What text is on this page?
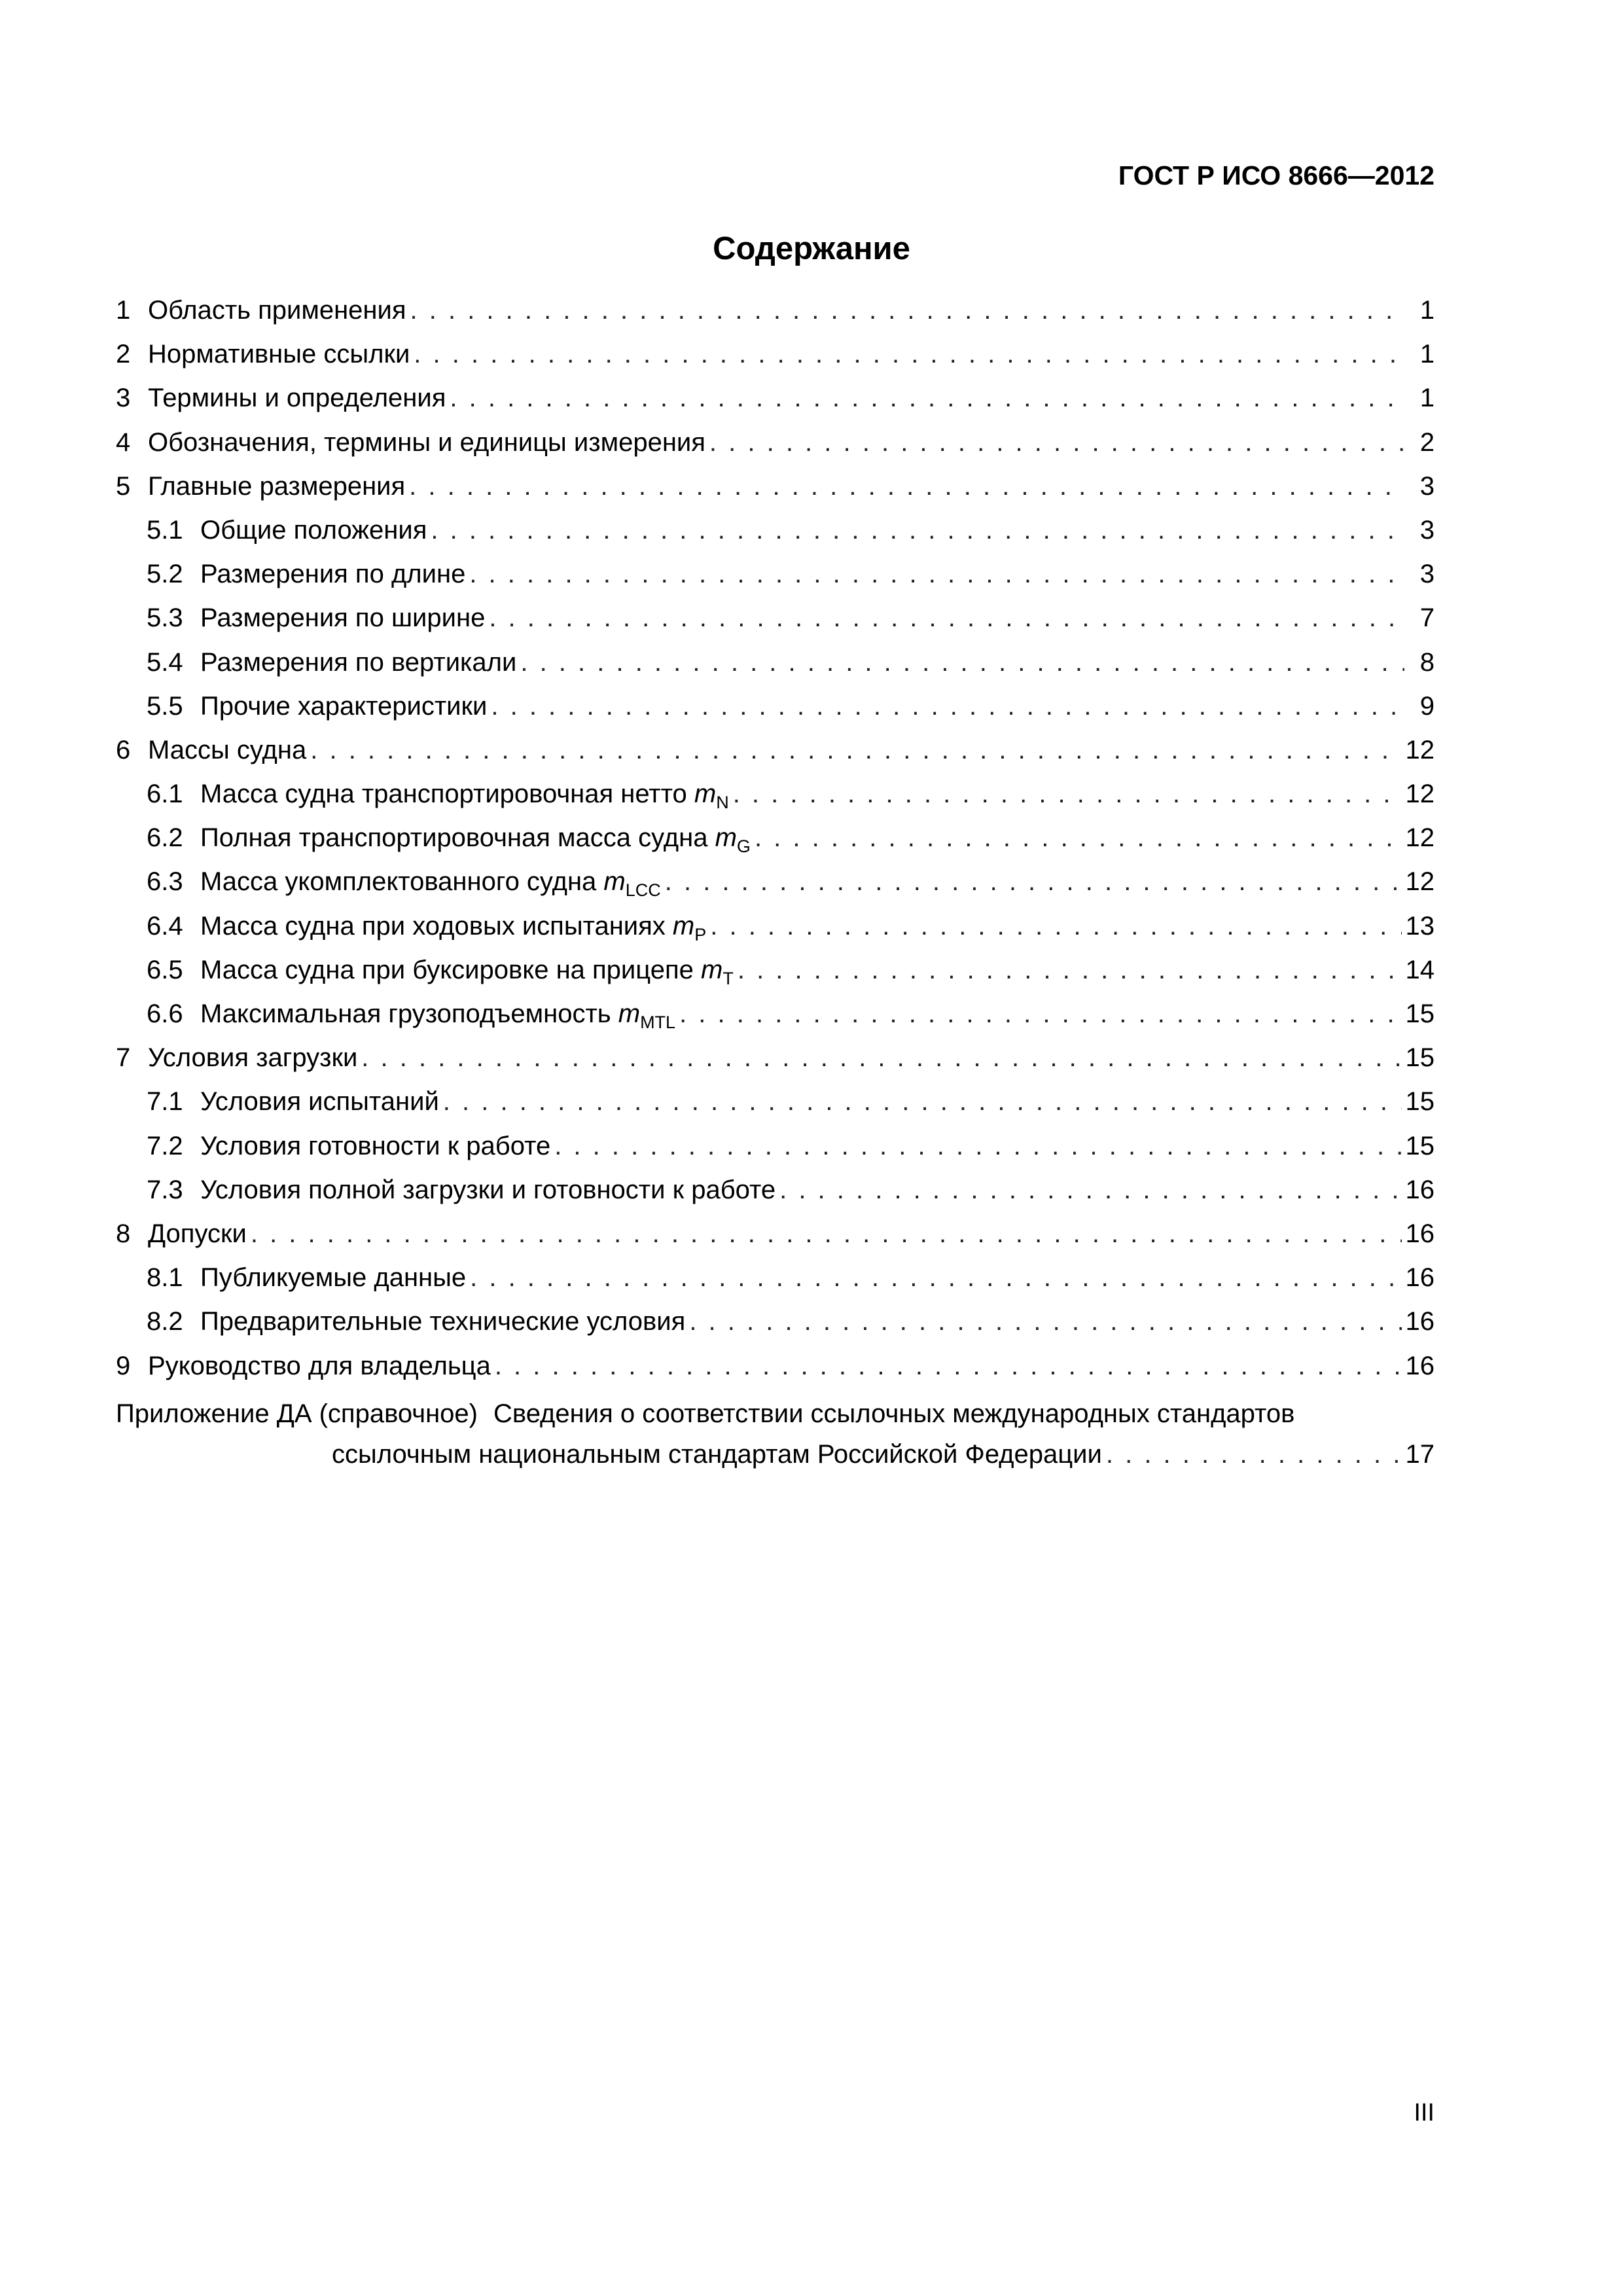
ГОСТ Р ИСО 8666—2012
Содержание
1 Область применения . . .	1
2 Нормативные ссылки . . .	1
3 Термины и определения . . .	1
4 Обозначения, термины и единицы измерения . . .	2
5 Главные размерения . . .	3
5.1 Общие положения . . .	3
5.2 Размерения по длине . . .	3
5.3 Размерения по ширине . . .	7
5.4 Размерения по вертикали . . .	8
5.5 Прочие характеристики . . .	9
6 Массы судна . . .	12
6.1 Масса судна транспортировочная нетто $m_N$ . . .	12
6.2 Полная транспортировочная масса судна $m_G$ . . .	12
6.3 Масса укомплектованного судна $m_{LCC}$ . . .	12
6.4 Масса судна при ходовых испытаниях $m_P$ . . .	13
6.5 Масса судна при буксировке на прицепе $m_T$ . . .	14
6.6 Максимальная грузоподъемность $m_{MTL}$ . . .	15
7 Условия загрузки . . .	15
7.1 Условия испытаний . . .	15
7.2 Условия готовности к работе . . .	15
7.3 Условия полной загрузки и готовности к работе . . .	16
8 Допуски . . .	16
8.1 Публикуемые данные . . .	16
8.2 Предварительные технические условия . . .	16
9 Руководство для владельца . . .	16
Приложение ДА (справочное) Сведения о соответствии ссылочных международных стандартов
ссылочным национальным стандартам Российской Федерации . . .	17
III
